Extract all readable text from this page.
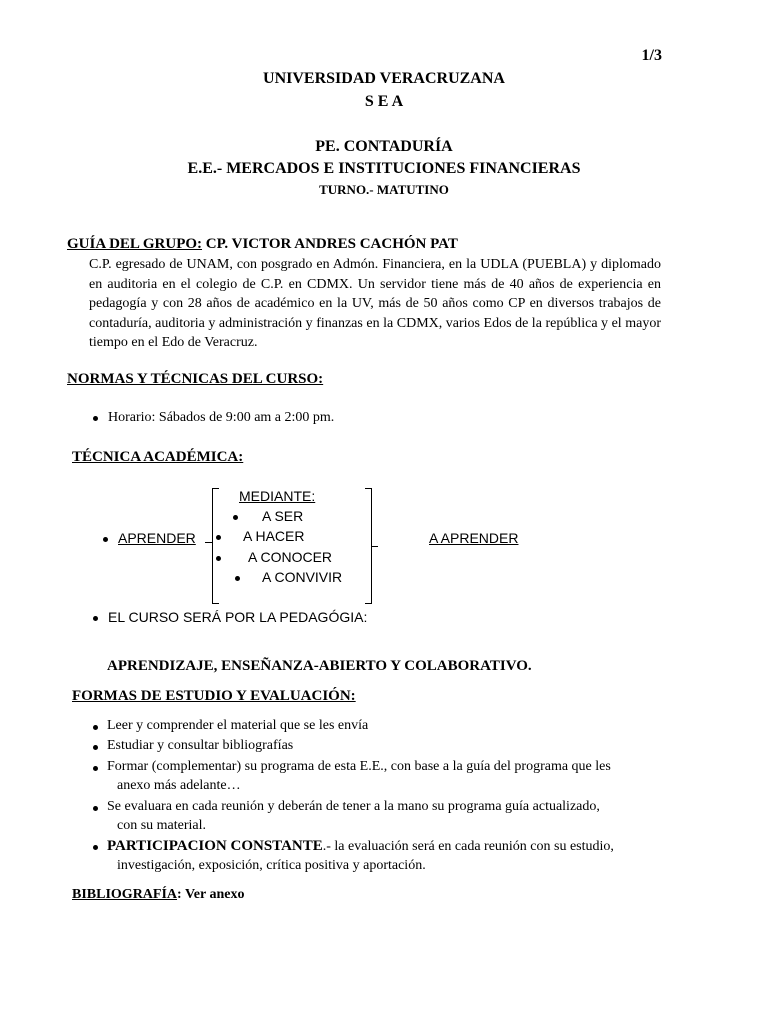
1/3
UNIVERSIDAD VERACRUZANA
S E A
PE. CONTADURÍA
E.E.- MERCADOS E INSTITUCIONES FINANCIERAS
TURNO.- MATUTINO
GUÍA DEL GRUPO: CP. VICTOR ANDRES CACHÓN PAT
C.P. egresado de UNAM, con posgrado en Admón. Financiera, en la UDLA (PUEBLA) y diplomado en auditoria en el colegio de C.P. en CDMX. Un servidor tiene más de 40 años de experiencia en pedagogía y con 28 años de académico en la UV, más de 50 años como CP en diversos trabajos de contaduría, auditoria y administración y finanzas en la CDMX, varios Edos de la república y el mayor tiempo en el Edo de Veracruz.
NORMAS Y TÉCNICAS DEL CURSO:
Horario: Sábados de 9:00 am a 2:00 pm.
TÉCNICA ACADÉMICA:
APRENDER
MEDIANTE:
A SER
A HACER
A CONOCER
A CONVIVIR
A APRENDER
EL CURSO SERÁ POR LA PEDAGÓGIA:
APRENDIZAJE, ENSEÑANZA-ABIERTO Y COLABORATIVO.
FORMAS DE ESTUDIO Y EVALUACIÓN:
Leer y comprender el material que se les envía
Estudiar y consultar bibliografías
Formar (complementar) su programa de esta E.E., con base a la guía del programa que les
anexo más adelante…
Se evaluara en cada reunión y deberán de tener a la mano su programa guía actualizado,
con su material.
PARTICIPACION CONSTANTE.- la evaluación será en cada reunión con su estudio,
investigación, exposición, crítica positiva y aportación.
BIBLIOGRAFÍA: Ver anexo
